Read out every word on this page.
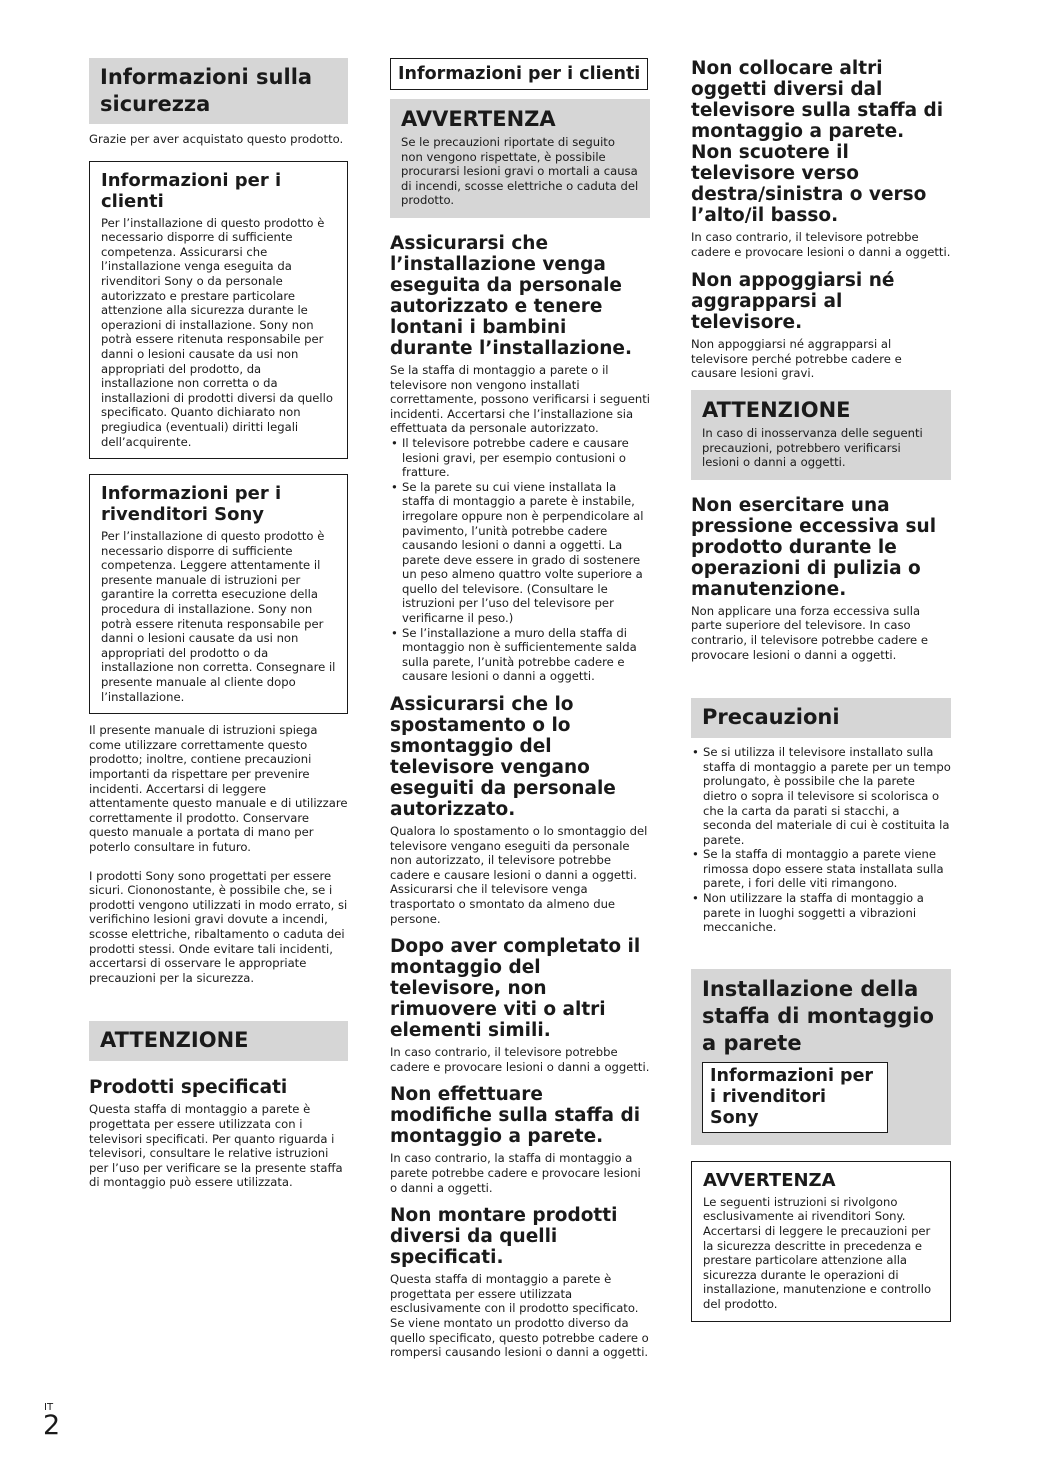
Informazioni sulla sicurezza
Grazie per aver acquistato questo prodotto.
Informazioni per i clienti
Per l’installazione di questo prodotto è necessario disporre di sufficiente competenza. Assicurarsi che l’installazione venga eseguita da rivenditori Sony o da personale autorizzato e prestare particolare attenzione alla sicurezza durante le operazioni di installazione. Sony non potrà essere ritenuta responsabile per danni o lesioni causate da usi non appropriati del prodotto, da installazione non corretta o da installazioni di prodotti diversi da quello specificato. Quanto dichiarato non pregiudica (eventuali) diritti legali dell’acquirente.
Informazioni per i rivenditori Sony
Per l’installazione di questo prodotto è necessario disporre di sufficiente competenza. Leggere attentamente il presente manuale di istruzioni per garantire la corretta esecuzione della procedura di installazione. Sony non potrà essere ritenuta responsabile per danni o lesioni causate da usi non appropriati del prodotto o da installazione non corretta. Consegnare il presente manuale al cliente dopo l’installazione.
Il presente manuale di istruzioni spiega come utilizzare correttamente questo prodotto; inoltre, contiene precauzioni importanti da rispettare per prevenire incidenti. Accertarsi di leggere attentamente questo manuale e di utilizzare correttamente il prodotto. Conservare questo manuale a portata di mano per poterlo consultare in futuro.
I prodotti Sony sono progettati per essere sicuri. Ciononostante, è possibile che, se i prodotti vengono utilizzati in modo errato, si verifichino lesioni gravi dovute a incendi, scosse elettriche, ribaltamento o caduta dei prodotti stessi. Onde evitare tali incidenti, accertarsi di osservare le appropriate precauzioni per la sicurezza.
ATTENZIONE
Prodotti specificati
Questa staffa di montaggio a parete è progettata per essere utilizzata con i televisori specificati. Per quanto riguarda i televisori, consultare le relative istruzioni per l’uso per verificare se la presente staffa di montaggio può essere utilizzata.
Informazioni per i clienti
AVVERTENZA
Se le precauzioni riportate di seguito non vengono rispettate, è possibile procurarsi lesioni gravi o mortali a causa di incendi, scosse elettriche o caduta del prodotto.
Assicurarsi che l’installazione venga eseguita da personale autorizzato e tenere lontani i bambini durante l’installazione.
Se la staffa di montaggio a parete o il televisore non vengono installati correttamente, possono verificarsi i seguenti incidenti. Accertarsi che l’installazione sia effettuata da personale autorizzato.
• Il televisore potrebbe cadere e causare lesioni gravi, per esempio contusioni o fratture.
• Se la parete su cui viene installata la staffa di montaggio a parete è instabile, irregolare oppure non è perpendicolare al pavimento, l’unità potrebbe cadere causando lesioni o danni a oggetti. La parete deve essere in grado di sostenere un peso almeno quattro volte superiore a quello del televisore. (Consultare le istruzioni per l’uso del televisore per verificarne il peso.)
• Se l’installazione a muro della staffa di montaggio non è sufficientemente salda sulla parete, l’unità potrebbe cadere e causare lesioni o danni a oggetti.
Assicurarsi che lo spostamento o lo smontaggio del televisore vengano eseguiti da personale autorizzato.
Qualora lo spostamento o lo smontaggio del televisore vengano eseguiti da personale non autorizzato, il televisore potrebbe cadere e causare lesioni o danni a oggetti. Assicurarsi che il televisore venga trasportato o smontato da almeno due persone.
Dopo aver completato il montaggio del televisore, non rimuovere viti o altri elementi simili.
In caso contrario, il televisore potrebbe cadere e provocare lesioni o danni a oggetti.
Non effettuare modifiche sulla staffa di montaggio a parete.
In caso contrario, la staffa di montaggio a parete potrebbe cadere e provocare lesioni o danni a oggetti.
Non montare prodotti diversi da quelli specificati.
Questa staffa di montaggio a parete è progettata per essere utilizzata esclusivamente con il prodotto specificato. Se viene montato un prodotto diverso da quello specificato, questo potrebbe cadere o rompersi causando lesioni o danni a oggetti.
Non collocare altri oggetti diversi dal televisore sulla staffa di montaggio a parete.
Non scuotere il televisore verso destra/sinistra o verso l’alto/il basso.
In caso contrario, il televisore potrebbe cadere e provocare lesioni o danni a oggetti.
Non appoggiarsi né aggrapparsi al televisore.
Non appoggiarsi né aggrapparsi al televisore perché potrebbe cadere e causare lesioni gravi.
ATTENZIONE
In caso di inosservanza delle seguenti precauzioni, potrebbero verificarsi lesioni o danni a oggetti.
Non esercitare una pressione eccessiva sul prodotto durante le operazioni di pulizia o manutenzione.
Non applicare una forza eccessiva sulla parte superiore del televisore. In caso contrario, il televisore potrebbe cadere e provocare lesioni o danni a oggetti.
Precauzioni
• Se si utilizza il televisore installato sulla staffa di montaggio a parete per un tempo prolungato, è possibile che la parete dietro o sopra il televisore si scolorisca o che la carta da parati si stacchi, a seconda del materiale di cui è costituita la parete.
• Se la staffa di montaggio a parete viene rimossa dopo essere stata installata sulla parete, i fori delle viti rimangono.
• Non utilizzare la staffa di montaggio a parete in luoghi soggetti a vibrazioni meccaniche.
Installazione della staffa di montaggio a parete
Informazioni per i rivenditori Sony
AVVERTENZA
Le seguenti istruzioni si rivolgono esclusivamente ai rivenditori Sony. Accertarsi di leggere le precauzioni per la sicurezza descritte in precedenza e prestare particolare attenzione alla sicurezza durante le operazioni di installazione, manutenzione e controllo del prodotto.
IT
2
